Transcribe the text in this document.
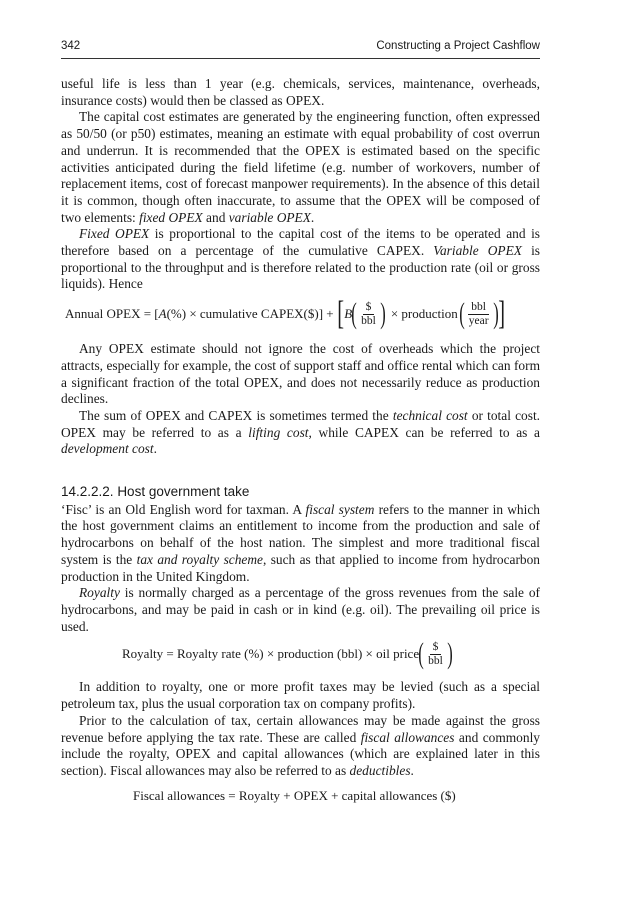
342	Constructing a Project Cashflow

useful life is less than 1 year (e.g. chemicals, services, maintenance, overheads, insurance costs) would then be classed as OPEX.

The capital cost estimates are generated by the engineering function, often expressed as 50/50 (or p50) estimates, meaning an estimate with equal probability of cost overrun and underrun. It is recommended that the OPEX is estimated based on the specific activities anticipated during the field lifetime (e.g. number of workovers, number of replacement items, cost of forecast manpower requirements). In the absence of this detail it is common, though often inaccurate, to assume that the OPEX will be composed of two elements: fixed OPEX and variable OPEX.

Fixed OPEX is proportional to the capital cost of the items to be operated and is therefore based on a percentage of the cumulative CAPEX. Variable OPEX is proportional to the throughput and is therefore related to the production rate (oil or gross liquids). Hence

Annual OPEX = [ A (%) × cumulative CAPEX($)] + [ B ( $\frac{\$}{\text{bbl}}$ ) × production ( $\frac{\text{bbl}}{\text{year}}$ ) ]

Any OPEX estimate should not ignore the cost of overheads which the project attracts, especially for example, the cost of support staff and office rental which can form a significant fraction of the total OPEX, and does not necessarily reduce as production declines.

The sum of OPEX and CAPEX is sometimes termed the technical cost or total cost. OPEX may be referred to as a lifting cost, while CAPEX can be referred to as a development cost.

14.2.2.2. Host government take

‘Fisc’ is an Old English word for taxman. A fiscal system refers to the manner in which the host government claims an entitlement to income from the production and sale of hydrocarbons on behalf of the host nation. The simplest and more traditional fiscal system is the tax and royalty scheme, such as that applied to income from hydrocarbon production in the United Kingdom.

Royalty is normally charged as a percentage of the gross revenues from the sale of hydrocarbons, and may be paid in cash or in kind (e.g. oil). The prevailing oil price is used.

Royalty = Royalty rate (%) × production (bbl) × oil price ( $\frac{\$}{\text{bbl}}$ )

In addition to royalty, one or more profit taxes may be levied (such as a special petroleum tax, plus the usual corporation tax on company profits).

Prior to the calculation of tax, certain allowances may be made against the gross revenue before applying the tax rate. These are called fiscal allowances and commonly include the royalty, OPEX and capital allowances (which are explained later in this section). Fiscal allowances may also be referred to as deductibles.

Fiscal allowances = Royalty + OPEX + capital allowances ($)
